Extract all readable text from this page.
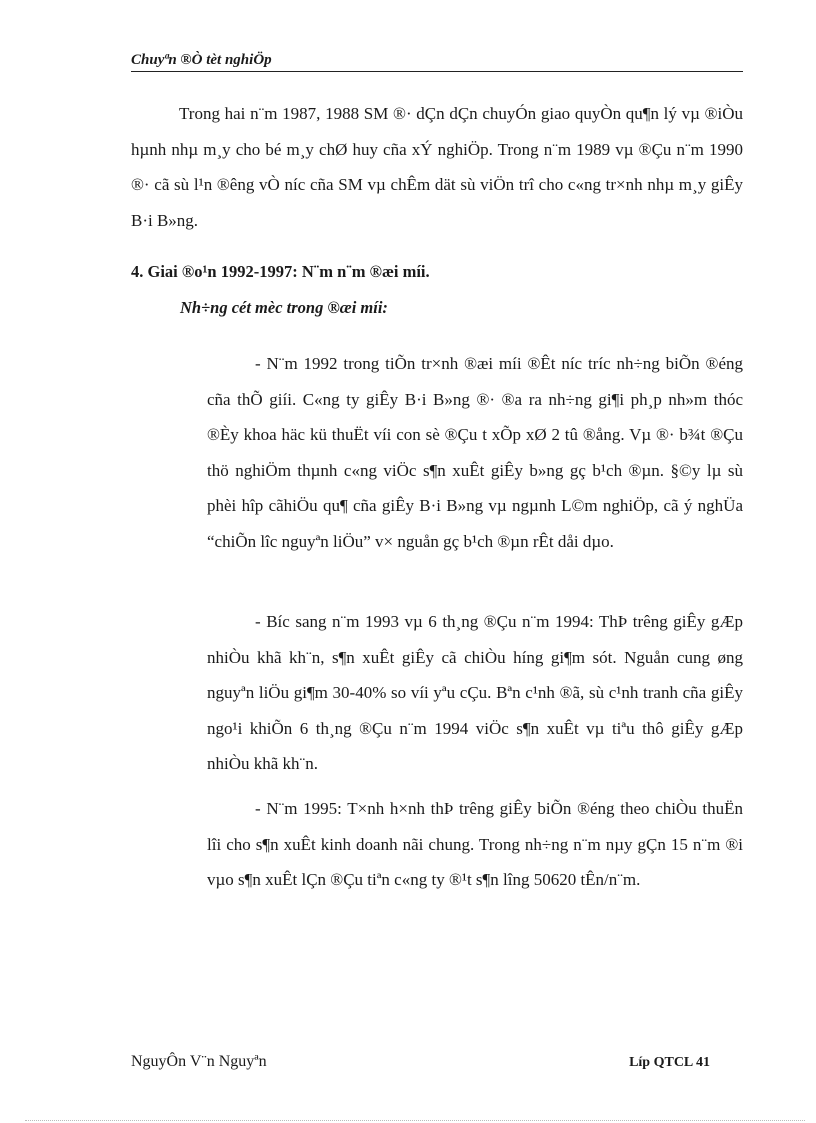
Chuyªn ®Ò tèt nghiÖp

Trong hai n¨m 1987, 1988 SM ®· dÇn dÇn chuyÓn giao quyÒn qu¶n lý vµ ®iÒu hµnh nhµ m¸y cho bé m¸y chØ huy cña xÝ nghiÖp. Trong n¨m 1989 vµ ®Çu n¨m 1990 ®· cã sù l¹n ®êng vÒ níc cña SM vµ chÊm dät sù viÖn trî cho c«ng tr×nh nhµ m¸y giÊy B·i B»ng.

4. Giai ®o¹n 1992-1997: N¨m n¨m ®æi míi.
Nh÷ng cét mèc trong ®æi míi:

- N¨m 1992 trong tiÕn tr×nh ®æi míi ®Êt níc tríc nh÷ng biÕn ®éng cña thÕ giíi. C«ng ty giÊy B·i B»ng ®· ®a ra nh÷ng gi¶i ph¸p nh»m thóc ®Èy khoa häc kü thuËt víi con sè ®Çu t xÕp xØ 2 tû ®ång. Vµ ®· b¾t ®Çu thö nghiÖm thµnh c«ng viÖc s¶n xuÊt giÊy b»ng gç b¹ch ®µn. §©y lµ sù phèi hîp cãhiÖu qu¶ cña giÊy B·i B»ng vµ ngµnh L©m nghiÖp, cã ý nghÜa “chiÕn lîc nguyªn liÖu” v× nguån gç b¹ch ®µn rÊt dåi dµo.

- Bíc sang n¨m 1993 vµ 6 th¸ng ®Çu n¨m 1994: ThÞ trêng giÊy gÆp nhiÒu khã kh¨n, s¶n xuÊt giÊy cã chiÒu híng gi¶m sót. Nguån cung øng nguyªn liÖu gi¶m 30-40% so víi yªu cÇu. Bªn c¹nh ®ã, sù c¹nh tranh cña giÊy ngo¹i khiÕn 6 th¸ng ®Çu n¨m 1994 viÖc s¶n xuÊt vµ tiªu thô giÊy gÆp nhiÒu khã kh¨n.

- N¨m 1995: T×nh h×nh thÞ trêng giÊy biÕn ®éng theo chiÒu thuËn lîi cho s¶n xuÊt kinh doanh nãi chung. Trong nh÷ng n¨m nµy gÇn 15 n¨m ®i vµo s¶n xuÊt lÇn ®Çu tiªn c«ng ty ®¹t s¶n lîng 50620 tÊn/n¨m.

NguyÔn V¨n Nguyªn	Líp QTCL 41
